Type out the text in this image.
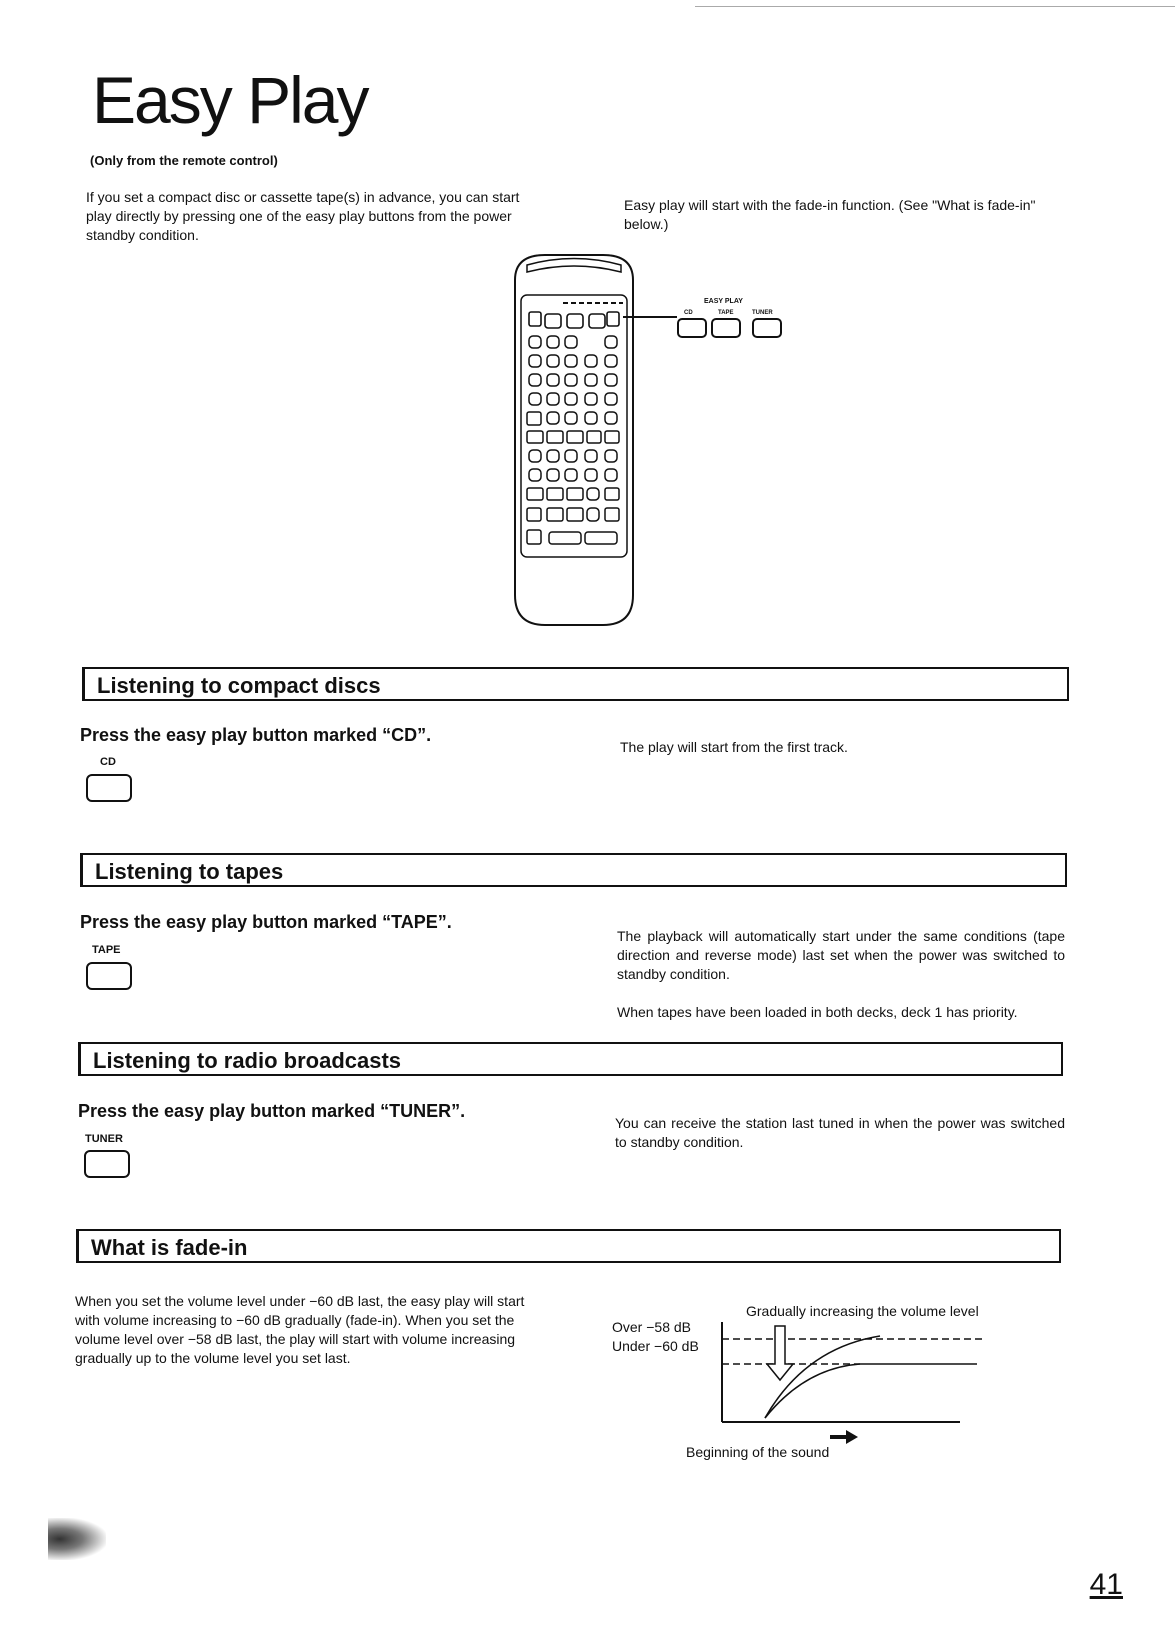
Easy Play
(Only from the remote control)
If you set a compact disc or cassette tape(s) in advance, you can start play directly by pressing one of the easy play buttons from the power standby condition.
Easy play will start with the fade-in function. (See "What is fade-in" below.)
EASY PLAY
CD	TAPE	TUNER
Listening to compact discs
Press the easy play button marked “CD”.
CD
The play will start from the first track.
Listening to tapes
Press the easy play button marked “TAPE”.
TAPE
The playback will automatically start under the same conditions (tape direction and reverse mode) last set when the power was switched to standby condition.
When tapes have been loaded in both decks, deck 1 has priority.
Listening to radio broadcasts
Press the easy play button marked “TUNER”.
TUNER
You can receive the station last tuned in when the power was switched to standby condition.
What is fade-in
When you set the volume level under −60 dB last, the easy play will start with volume increasing to −60 dB gradually (fade-in). When you set the volume level over −58 dB last, the play will start with volume increasing gradually up to the volume level you set last.
Gradually increasing the volume level
Over −58 dB
Under −60 dB
Beginning of the sound
41
